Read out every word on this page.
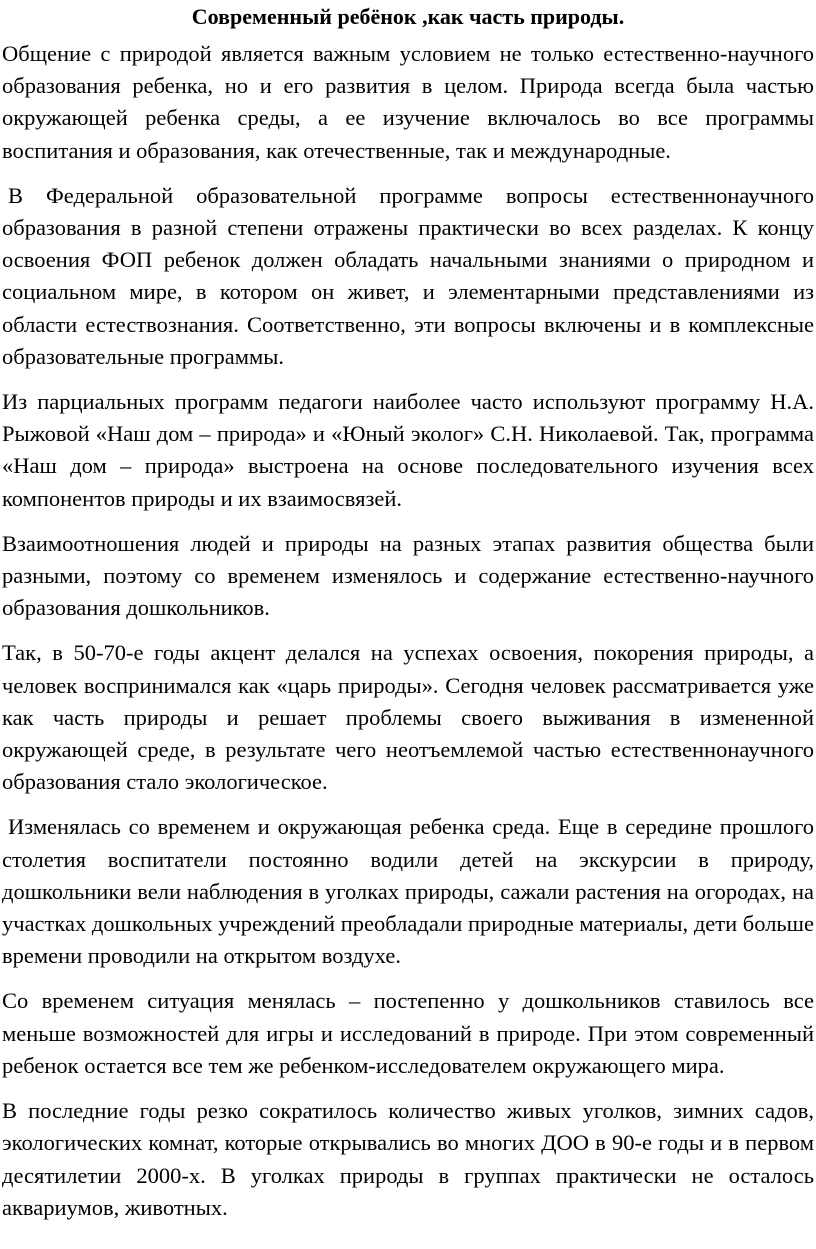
Современный ребёнок ,как часть природы.

Общение с природой является важным условием не только естественно-научного образования ребенка, но и его развития в целом. Природа всегда была частью окружающей ребенка среды, а ее изучение включалось во все программы воспитания и образования, как отечественные, так и международные.

В Федеральной образовательной программе вопросы естественнонаучного образования в разной степени отражены практически во всех разделах. К концу освоения ФОП ребенок должен обладать начальными знаниями о природном и социальном мире, в котором он живет, и элементарными представлениями из области естествознания. Соответственно, эти вопросы включены и в комплексные образовательные программы.

Из парциальных программ педагоги наиболее часто используют программу Н.А. Рыжовой «Наш дом – природа» и «Юный эколог» С.Н. Николаевой. Так, программа «Наш дом – природа» выстроена на основе последовательного изучения всех компонентов природы и их взаимосвязей.

Взаимоотношения людей и природы на разных этапах развития общества были разными, поэтому со временем изменялось и содержание естественно-научного образования дошкольников.

Так, в 50-70-е годы акцент делался на успехах освоения, покорения природы, а человек воспринимался как «царь природы». Сегодня человек рассматривается уже как часть природы и решает проблемы своего выживания в измененной окружающей среде, в результате чего неотъемлемой частью естественнонаучного образования стало экологическое.

Изменялась со временем и окружающая ребенка среда. Еще в середине прошлого столетия воспитатели постоянно водили детей на экскурсии в природу, дошкольники вели наблюдения в уголках природы, сажали растения на огородах, на участках дошкольных учреждений преобладали природные материалы, дети больше времени проводили на открытом воздухе.

Со временем ситуация менялась – постепенно у дошкольников ставилось все меньше возможностей для игры и исследований в природе. При этом современный ребенок остается все тем же ребенком-исследователем окружающего мира.

В последние годы резко сократилось количество живых уголков, зимних садов, экологических комнат, которые открывались во многих ДОО в 90-е годы и в первом десятилетии 2000-х. В уголках природы в группах практически не осталось аквариумов, животных.
